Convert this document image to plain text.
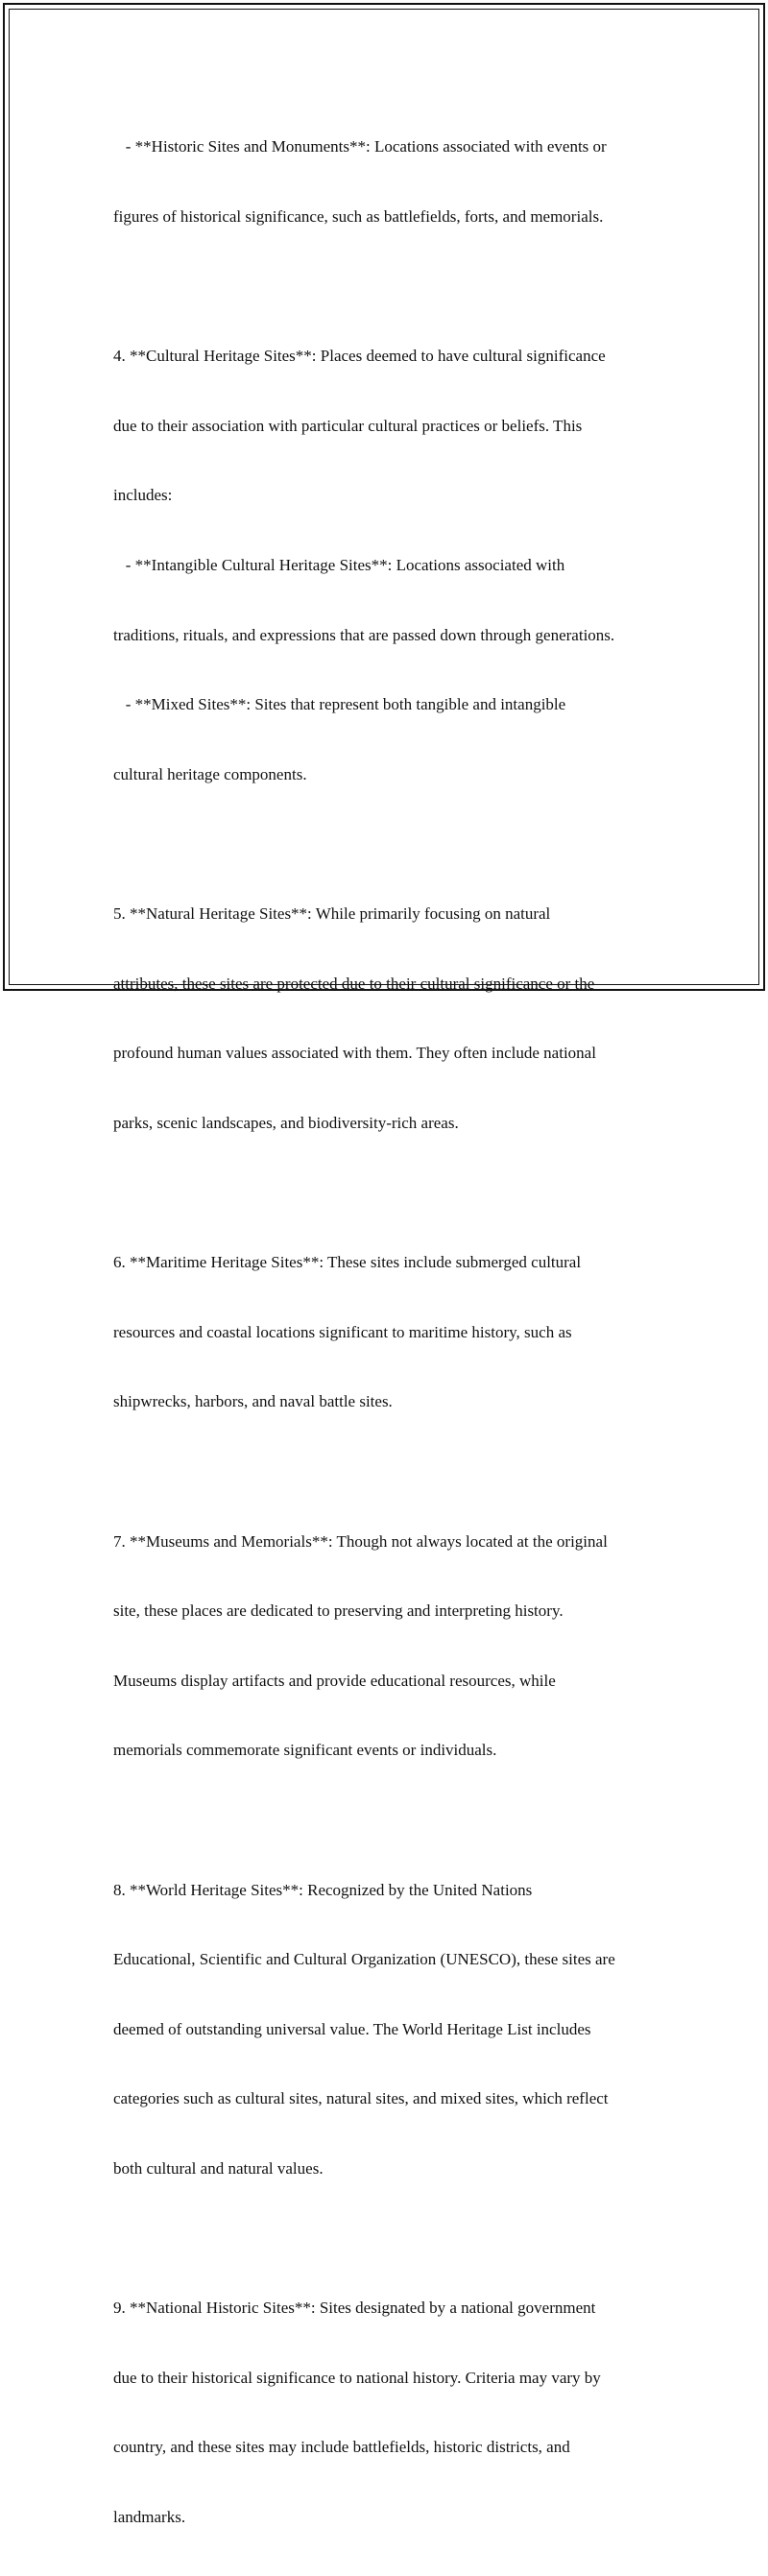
- **Historic Sites and Monuments**: Locations associated with events or

figures of historical significance, such as battlefields, forts, and memorials.

4. **Cultural Heritage Sites**: Places deemed to have cultural significance

due to their association with particular cultural practices or beliefs. This

includes:

- **Intangible Cultural Heritage Sites**: Locations associated with

traditions, rituals, and expressions that are passed down through generations.

- **Mixed Sites**: Sites that represent both tangible and intangible

cultural heritage components.

5. **Natural Heritage Sites**: While primarily focusing on natural

attributes, these sites are protected due to their cultural significance or the

profound human values associated with them. They often include national

parks, scenic landscapes, and biodiversity-rich areas.

6. **Maritime Heritage Sites**: These sites include submerged cultural

resources and coastal locations significant to maritime history, such as

shipwrecks, harbors, and naval battle sites.

7. **Museums and Memorials**: Though not always located at the original

site, these places are dedicated to preserving and interpreting history.

Museums display artifacts and provide educational resources, while

memorials commemorate significant events or individuals.

8. **World Heritage Sites**: Recognized by the United Nations

Educational, Scientific and Cultural Organization (UNESCO), these sites are

deemed of outstanding universal value. The World Heritage List includes

categories such as cultural sites, natural sites, and mixed sites, which reflect

both cultural and natural values.

9. **National Historic Sites**: Sites designated by a national government

due to their historical significance to national history. Criteria may vary by

country, and these sites may include battlefields, historic districts, and

landmarks.
